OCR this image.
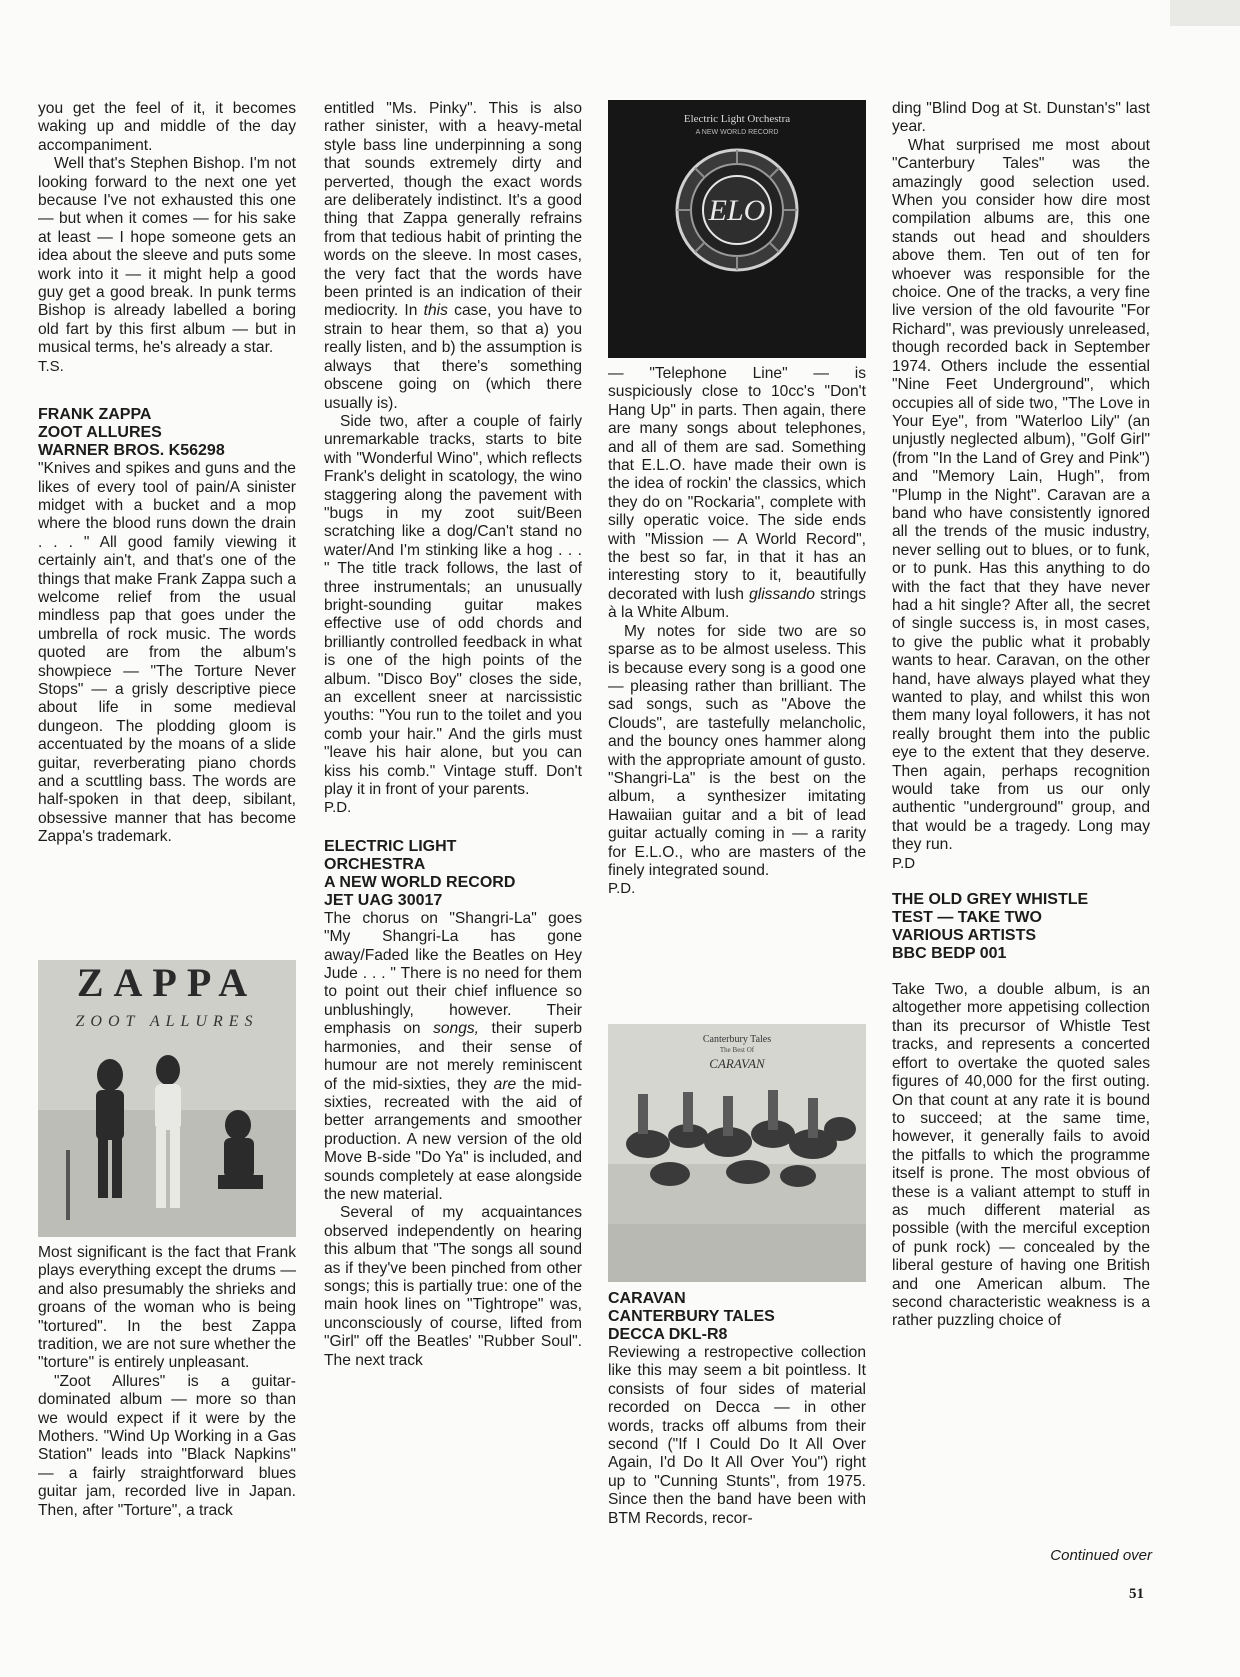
you get the feel of it, it becomes waking up and middle of the day accompaniment.

Well that's Stephen Bishop. I'm not looking forward to the next one yet because I've not exhausted this one — but when it comes — for his sake at least — I hope someone gets an idea about the sleeve and puts some work into it — it might help a good guy get a good break. In punk terms Bishop is already labelled a boring old fart by this first album — but in musical terms, he's already a star.

T.S.

FRANK ZAPPA
ZOOT ALLURES
WARNER BROS. K56298

"Knives and spikes and guns and the likes of every tool of pain/A sinister midget with a bucket and a mop where the blood runs down the drain . . . " All good family viewing it certainly ain't, and that's one of the things that make Frank Zappa such a welcome relief from the usual mindless pap that goes under the umbrella of rock music. The words quoted are from the album's showpiece — "The Torture Never Stops" — a grisly descriptive piece about life in some medieval dungeon. The plodding gloom is accentuated by the moans of a slide guitar, reverberating piano chords and a scuttling bass. The words are half-spoken in that deep, sibilant, obsessive manner that has become Zappa's trademark.

ZAPPA
ZOOT ALLURES

Most significant is the fact that Frank plays everything except the drums — and also presumably the shrieks and groans of the woman who is being "tortured". In the best Zappa tradition, we are not sure whether the "torture" is entirely unpleasant.

"Zoot Allures" is a guitar-dominated album — more so than we would expect if it were by the Mothers. "Wind Up Working in a Gas Station" leads into "Black Napkins" — a fairly straightforward blues guitar jam, recorded live in Japan. Then, after "Torture", a track

entitled "Ms. Pinky". This is also rather sinister, with a heavy-metal style bass line underpinning a song that sounds extremely dirty and perverted, though the exact words are deliberately indistinct. It's a good thing that Zappa generally refrains from that tedious habit of printing the words on the sleeve. In most cases, the very fact that the words have been printed is an indication of their mediocrity. In this case, you have to strain to hear them, so that a) you really listen, and b) the assumption is always that there's something obscene going on (which there usually is).

Side two, after a couple of fairly unremarkable tracks, starts to bite with "Wonderful Wino", which reflects Frank's delight in scatology, the wino staggering along the pavement with "bugs in my zoot suit/Been scratching like a dog/Can't stand no water/And I'm stinking like a hog . . . " The title track follows, the last of three instrumentals; an unusually bright-sounding guitar makes effective use of odd chords and brilliantly controlled feedback in what is one of the high points of the album. "Disco Boy" closes the side, an excellent sneer at narcissistic youths: "You run to the toilet and you comb your hair." And the girls must "leave his hair alone, but you can kiss his comb." Vintage stuff. Don't play it in front of your parents.

P.D.

ELECTRIC LIGHT
ORCHESTRA
A NEW WORLD RECORD
JET UAG 30017

The chorus on "Shangri-La" goes "My Shangri-La has gone away/Faded like the Beatles on Hey Jude . . . " There is no need for them to point out their chief influence so unblushingly, however. Their emphasis on songs, their superb harmonies, and their sense of humour are not merely reminiscent of the mid-sixties, they are the mid-sixties, recreated with the aid of better arrangements and smoother production. A new version of the old Move B-side "Do Ya" is included, and sounds completely at ease alongside the new material.

Several of my acquaintances observed independently on hearing this album that "The songs all sound as if they've been pinched from other songs; this is partially true: one of the main hook lines on "Tightrope" was, unconsciously of course, lifted from "Girl" off the Beatles' "Rubber Soul". The next track

Electric Light Orchestra
A NEW WORLD RECORD
ELO

— "Telephone Line" — is suspiciously close to 10cc's "Don't Hang Up" in parts. Then again, there are many songs about telephones, and all of them are sad. Something that E.L.O. have made their own is the idea of rockin' the classics, which they do on "Rockaria", complete with silly operatic voice. The side ends with "Mission — A World Record", the best so far, in that it has an interesting story to it, beautifully decorated with lush glissando strings à la White Album.

My notes for side two are so sparse as to be almost useless. This is because every song is a good one — pleasing rather than brilliant. The sad songs, such as "Above the Clouds", are tastefully melancholic, and the bouncy ones hammer along with the appropriate amount of gusto. "Shangri-La" is the best on the album, a synthesizer imitating Hawaiian guitar and a bit of lead guitar actually coming in — a rarity for E.L.O., who are masters of the finely integrated sound.

P.D.

Canterbury Tales
The Best Of
CARAVAN
CARAVAN
CANTERBURY TALES
DECCA DKL-R8

Reviewing a restropective collection like this may seem a bit pointless. It consists of four sides of material recorded on Decca — in other words, tracks off albums from their second ("If I Could Do It All Over Again, I'd Do It All Over You") right up to "Cunning Stunts", from 1975. Since then the band have been with BTM Records, recor-

ding "Blind Dog at St. Dunstan's" last year.

What surprised me most about "Canterbury Tales" was the amazingly good selection used. When you consider how dire most compilation albums are, this one stands out head and shoulders above them. Ten out of ten for whoever was responsible for the choice. One of the tracks, a very fine live version of the old favourite "For Richard", was previously unreleased, though recorded back in September 1974. Others include the essential "Nine Feet Underground", which occupies all of side two, "The Love in Your Eye", from "Waterloo Lily" (an unjustly neglected album), "Golf Girl" (from "In the Land of Grey and Pink") and "Memory Lain, Hugh", from "Plump in the Night". Caravan are a band who have consistently ignored all the trends of the music industry, never selling out to blues, or to funk, or to punk. Has this anything to do with the fact that they have never had a hit single? After all, the secret of single success is, in most cases, to give the public what it probably wants to hear. Caravan, on the other hand, have always played what they wanted to play, and whilst this won them many loyal followers, it has not really brought them into the public eye to the extent that they deserve. Then again, perhaps recognition would take from us our only authentic "underground" group, and that would be a tragedy. Long may they run.

P.D

THE OLD GREY WHISTLE
TEST — TAKE TWO
VARIOUS ARTISTS
BBC BEDP 001

Take Two, a double album, is an altogether more appetising collection than its precursor of Whistle Test tracks, and represents a concerted effort to overtake the quoted sales figures of 40,000 for the first outing. On that count at any rate it is bound to succeed; at the same time, however, it generally fails to avoid the pitfalls to which the programme itself is prone. The most obvious of these is a valiant attempt to stuff in as much different material as possible (with the merciful exception of punk rock) — concealed by the liberal gesture of having one British and one American album. The second characteristic weakness is a rather puzzling choice of

Continued over
51
